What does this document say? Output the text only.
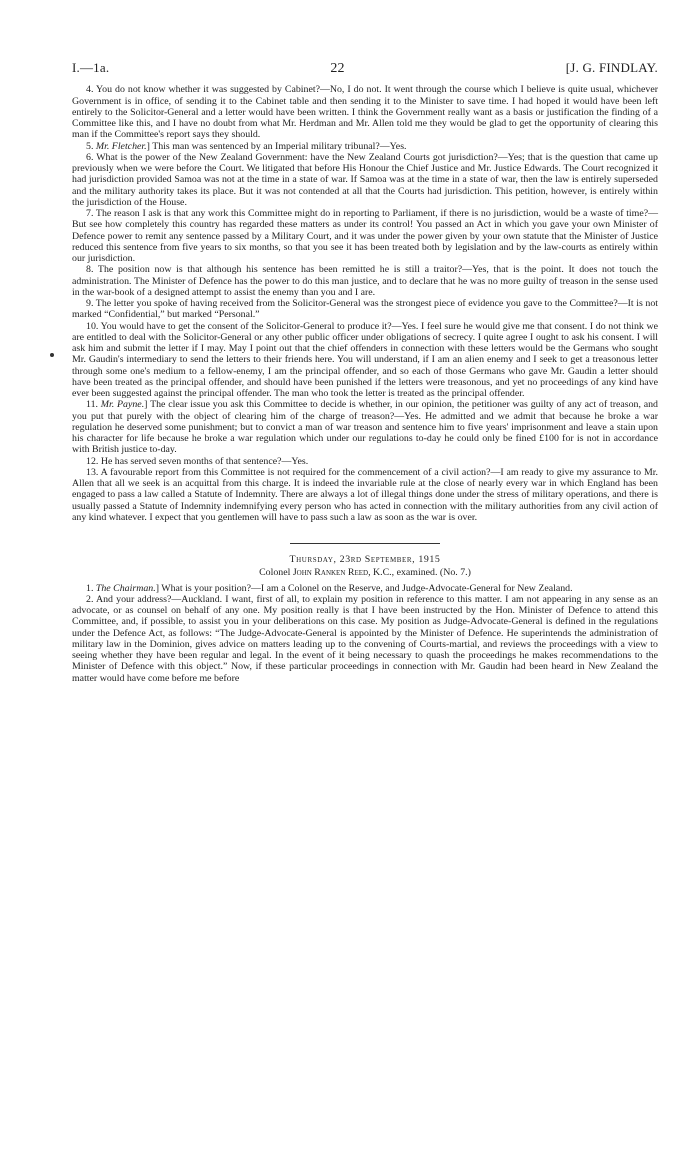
I.—1a.	22	[J. G. FINDLAY.

4. You do not know whether it was suggested by Cabinet?—No, I do not. It went through the course which I believe is quite usual, whichever Government is in office, of sending it to the Cabinet table and then sending it to the Minister to save time. I had hoped it would have been left entirely to the Solicitor-General and a letter would have been written. I think the Government really want as a basis or justification the finding of a Committee like this, and I have no doubt from what Mr. Herdman and Mr. Allen told me they would be glad to get the opportunity of clearing this man if the Committee's report says they should.

5. Mr. Fletcher.] This man was sentenced by an Imperial military tribunal?—Yes.

6. What is the power of the New Zealand Government: have the New Zealand Courts got jurisdiction?—Yes; that is the question that came up previously when we were before the Court. We litigated that before His Honour the Chief Justice and Mr. Justice Edwards. The Court recognized it had jurisdiction provided Samoa was not at the time in a state of war. If Samoa was at the time in a state of war, then the law is entirely superseded and the military authority takes its place. But it was not contended at all that the Courts had jurisdiction. This petition, however, is entirely within the jurisdiction of the House.

7. The reason I ask is that any work this Committee might do in reporting to Parliament, if there is no jurisdiction, would be a waste of time?—But see how completely this country has regarded these matters as under its control! You passed an Act in which you gave your own Minister of Defence power to remit any sentence passed by a Military Court, and it was under the power given by your own statute that the Minister of Justice reduced this sentence from five years to six months, so that you see it has been treated both by legislation and by the law-courts as entirely within our jurisdiction.

8. The position now is that although his sentence has been remitted he is still a traitor?—Yes, that is the point. It does not touch the administration. The Minister of Defence has the power to do this man justice, and to declare that he was no more guilty of treason in the sense used in the war-book of a designed attempt to assist the enemy than you and I are.

9. The letter you spoke of having received from the Solicitor-General was the strongest piece of evidence you gave to the Committee?—It is not marked “Confidential,” but marked “Personal.”

10. You would have to get the consent of the Solicitor-General to produce it?—Yes. I feel sure he would give me that consent. I do not think we are entitled to deal with the Solicitor-General or any other public officer under obligations of secrecy. I quite agree I ought to ask his consent. I will ask him and submit the letter if I may. May I point out that the chief offenders in connection with these letters would be the Germans who sought Mr. Gaudin's intermediary to send the letters to their friends here. You will understand, if I am an alien enemy and I seek to get a treasonous letter through some one's medium to a fellow-enemy, I am the principal offender, and so each of those Germans who gave Mr. Gaudin a letter should have been treated as the principal offender, and should have been punished if the letters were treasonous, and yet no proceedings of any kind have ever been suggested against the principal offender. The man who took the letter is treated as the principal offender.

11. Mr. Payne.] The clear issue you ask this Committee to decide is whether, in our opinion, the petitioner was guilty of any act of treason, and you put that purely with the object of clearing him of the charge of treason?—Yes. He admitted and we admit that because he broke a war regulation he deserved some punishment; but to convict a man of war treason and sentence him to five years' imprisonment and leave a stain upon his character for life because he broke a war regulation which under our regulations to-day he could only be fined £100 for is not in accordance with British justice to-day.

12. He has served seven months of that sentence?—Yes.

13. A favourable report from this Committee is not required for the commencement of a civil action?—I am ready to give my assurance to Mr. Allen that all we seek is an acquittal from this charge. It is indeed the invariable rule at the close of nearly every war in which England has been engaged to pass a law called a Statute of Indemnity. There are always a lot of illegal things done under the stress of military operations, and there is usually passed a Statute of Indemnity indemnifying every person who has acted in connection with the military authorities from any civil action of any kind whatever. I expect that you gentlemen will have to pass such a law as soon as the war is over.

Thursday, 23rd September, 1915

Colonel John Ranken Reed, K.C., examined. (No. 7.)

1. The Chairman.] What is your position?—I am a Colonel on the Reserve, and Judge-Advocate-General for New Zealand.

2. And your address?—Auckland. I want, first of all, to explain my position in reference to this matter. I am not appearing in any sense as an advocate, or as counsel on behalf of any one. My position really is that I have been instructed by the Hon. Minister of Defence to attend this Committee, and, if possible, to assist you in your deliberations on this case. My position as Judge-Advocate-General is defined in the regulations under the Defence Act, as follows: “The Judge-Advocate-General is appointed by the Minister of Defence. He superintends the administration of military law in the Dominion, gives advice on matters leading up to the convening of Courts-martial, and reviews the proceedings with a view to seeing whether they have been regular and legal. In the event of it being necessary to quash the proceedings he makes recommendations to the Minister of Defence with this object.” Now, if these particular proceedings in connection with Mr. Gaudin had been heard in New Zealand the matter would have come before me before
